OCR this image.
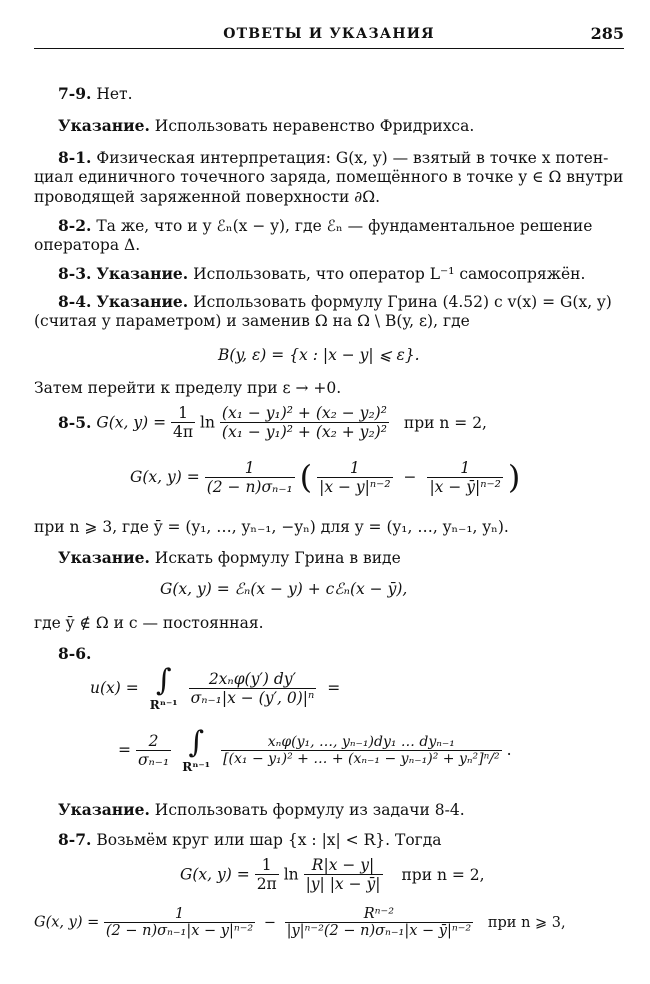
ОТВЕТЫ И УКАЗАНИЯ	285
7-9. Нет.
Указание. Использовать неравенство Фридрихса.
8-1. Физическая интерпретация: G(x, y) — взятый в точке x потен-
циал единичного точечного заряда, помещённого в точке y ∈ Ω внутри
проводящей заряженной поверхности ∂Ω.
8-2. Та же, что и у ℰₙ(x − y), где ℰₙ — фундаментальное решение
оператора Δ.
8-3. Указание. Использовать, что оператор L⁻¹ самосопряжён.
8-4. Указание. Использовать формулу Грина (4.52) с v(x) = G(x, y)
(считая y параметром) и заменив Ω на Ω \ B(y, ε), где
B(y, ε) = {x : |x − y| ⩽ ε}.
Затем перейти к пределу при ε → +0.
8-5. G(x, $y) = \frac{1}{4\pi}$ $\ln \frac{\text{(x₁ − y₁)² + (x₂ − y₂)²}}{\text{(x₁ − y₁)² + (x₂ + y₂)²}}$ при n = 2,
G(x, $y) = \frac{1}{\text{(2 − n)σₙ₋₁}}$ ( $\frac{1}{\text{|x − y|ⁿ⁻²}} - \frac{1}{\text{|x − ȳ|ⁿ⁻²}}$ )
при n ⩾ 3, где ȳ = (y₁, …, yₙ₋₁, −yₙ) для y = (y₁, …, yₙ₋₁, yₙ).
Указание. Искать формулу Грина в виде
G(x, y) = ℰₙ(x − y) + cℰₙ(x − ȳ),
где ȳ ∉ Ω и c — постоянная.
8-6.
u(x) = ∫
Rⁿ⁻¹
$\frac{\text{2xₙφ(y′) dy′}}{\text{σₙ₋₁|x − (y′, 0)|ⁿ}}$ =
= $\frac{2}{\text{σₙ₋₁}}$
∫
Rⁿ⁻¹

$\frac{\text{xₙφ(y₁, …, yₙ₋₁)dy₁ … dyₙ₋₁}}{\text{[(x₁ − y₁)² + … + (xₙ₋₁ − yₙ₋₁)² + yₙ²]ⁿ/²}}$ .
Указание. Использовать формулу из задачи 8-4.
8-7. Возьмём круг или шар {x : |x| < R}. Тогда
G(x, $y) = \frac{1}{2\pi}$ $\ln \frac{R|x - y|}{|y| |x - ȳ|}$ при n = 2,
G(x, $y) = \frac{1}{\text{(2 − n)σₙ₋₁|x − y|ⁿ⁻²}} - \frac{\text{Rⁿ⁻²}}{\text{|y|ⁿ⁻²(2 − n)σₙ₋₁|x − ȳ|ⁿ⁻²}}$ при n ⩾ 3,
